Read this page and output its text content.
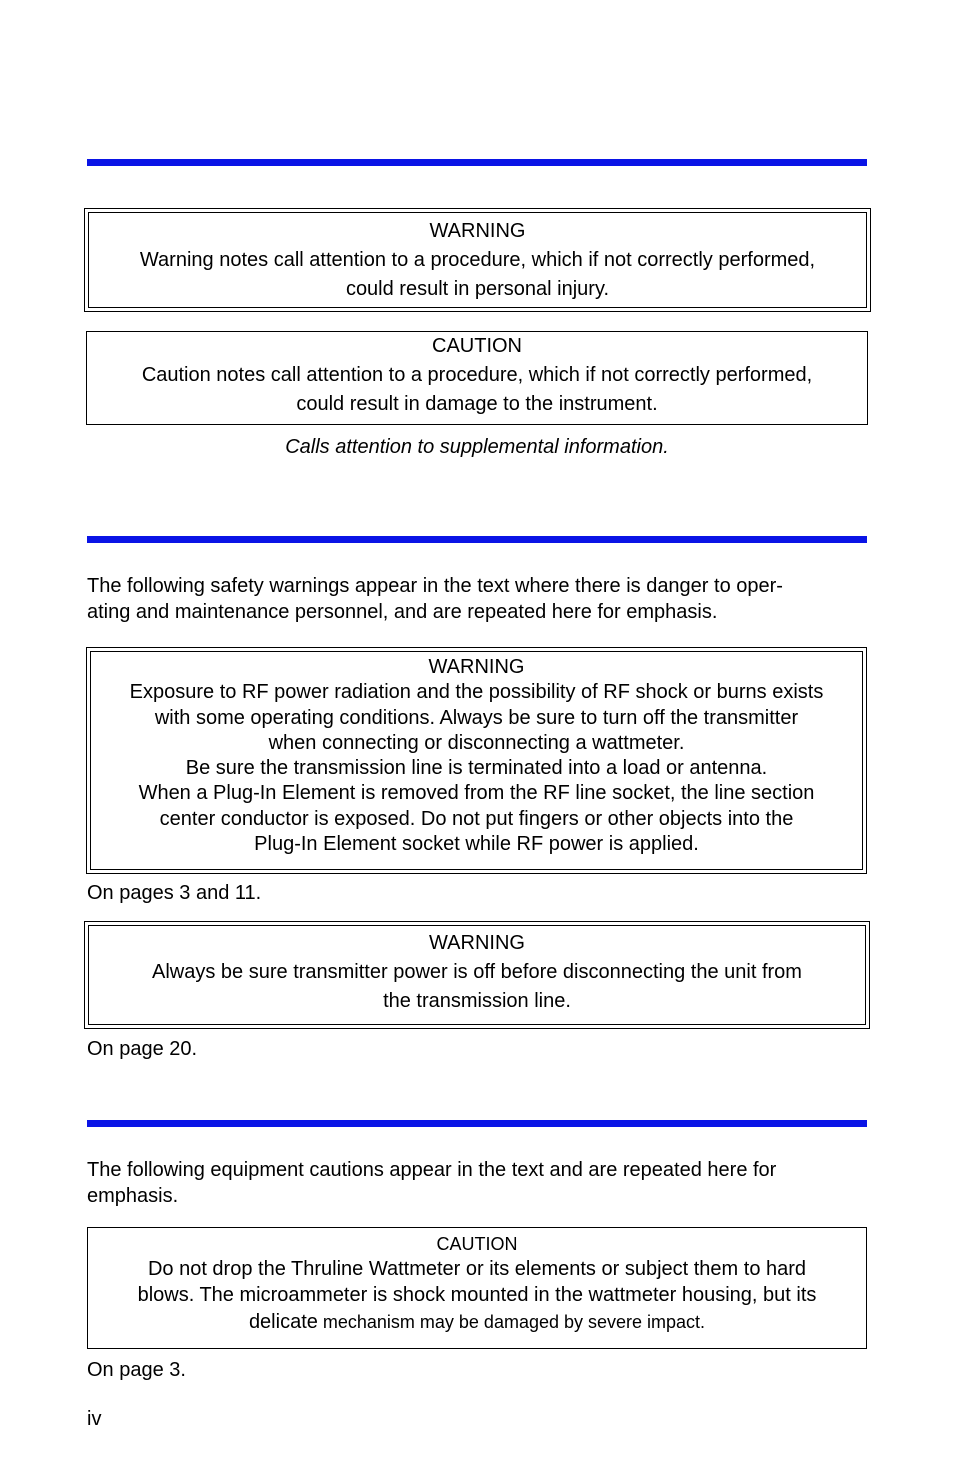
WARNING
Warning notes call attention to a procedure, which if not correctly performed,
could result in personal injury.
CAUTION
Caution notes call attention to a procedure, which if not correctly performed,
could result in damage to the instrument.
Calls attention to supplemental information.

The following safety warnings appear in the text where there is danger to oper-
ating and maintenance personnel, and are repeated here for emphasis.

WARNING
Exposure to RF power radiation and the possibility of RF shock or burns exists
with some operating conditions. Always be sure to turn off the transmitter
when connecting or disconnecting a wattmeter.
Be sure the transmission line is terminated into a load or antenna.
When a Plug-In Element is removed from the RF line socket, the line section
center conductor is exposed. Do not put fingers or other objects into the
Plug-In Element socket while RF power is applied.

On pages 3 and 11.

WARNING
Always be sure transmitter power is off before disconnecting the unit from
the transmission line.

On page 20.

The following equipment cautions appear in the text and are repeated here for
emphasis.

CAUTION
Do not drop the Thruline Wattmeter or its elements or subject them to hard
blows. The microammeter is shock mounted in the wattmeter housing, but its
delicate mechanism may be damaged by severe impact.

On page 3.

iv
